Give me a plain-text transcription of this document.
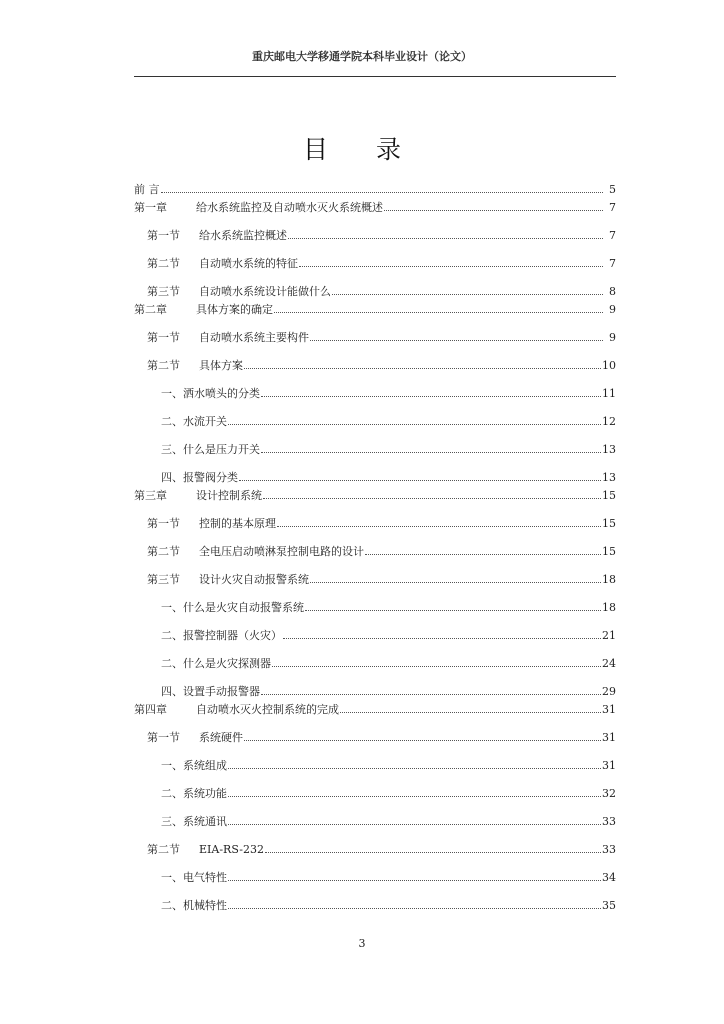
重庆邮电大学移通学院本科毕业设计（论文）
目 录
前 言	5
第一章	给水系统监控及自动喷水灭火系统概述	7
第一节	给水系统监控概述	7
第二节	自动喷水系统的特征	7
第三节	自动喷水系统设计能做什么	8
第二章	具体方案的确定	9
第一节	自动喷水系统主要构件	9
第二节	具体方案	10
一、洒水喷头的分类	11
二、水流开关	12
三、什么是压力开关	13
四、报警阀分类	13
第三章	设计控制系统	15
第一节	控制的基本原理	15
第二节	全电压启动喷淋泵控制电路的设计	15
第三节	设计火灾自动报警系统	18
一、什么是火灾自动报警系统	18
二、报警控制器（火灾）	21
二、什么是火灾探测器	24
四、设置手动报警器	29
第四章	自动喷水灭火控制系统的完成	31
第一节	系统硬件	31
一、系统组成	31
二、系统功能	32
三、系统通讯	33
第二节	EIA-RS-232	33
一、电气特性	34
二、机械特性	35
3
